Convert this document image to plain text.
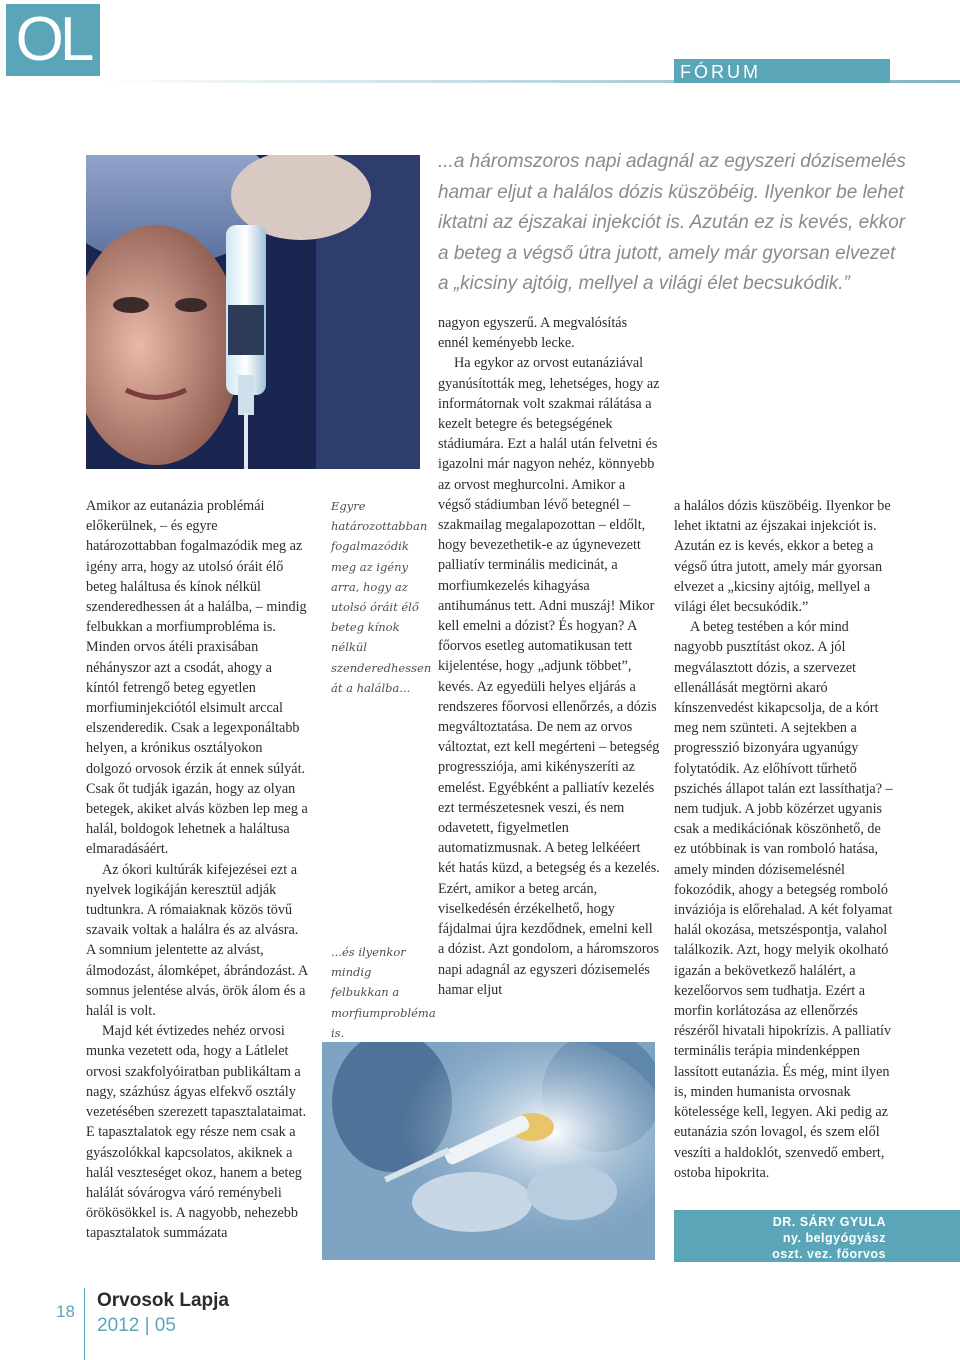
OL	FÓRUM
...a háromszoros napi adagnál az egyszeri dózisemelés hamar eljut a halálos dózis küszöbéig. Ilyenkor be lehet iktatni az éjszakai injekciót is. Azután ez is kevés, ekkor a beteg a végső útra jutott, amely már gyorsan elvezet a „kicsiny ajtóig, mellyel a világi élet becsukódik.”

Amikor az eutanázia problémái előkerülnek, – és egyre határozottabban fogalmazódik meg az igény arra, hogy az utolsó óráit élő beteg haláltusa és kínok nélkül szenderedhessen át a halálba, – mindig felbukkan a morfiumprobléma is. Minden orvos átéli praxisában néhányszor azt a csodát, ahogy a kíntól fetrengő beteg egyetlen morfiuminjekciótól elsimult arccal elszenderedik. Csak a legexponáltabb helyen, a krónikus osztályokon dolgozó orvosok érzik át ennek súlyát. Csak őt tudják igazán, hogy az olyan betegek, akiket alvás közben lep meg a halál, boldogok lehetnek a haláltusa elmaradásáért.

Az ókori kultúrák kifejezései ezt a nyelvek logikáján keresztül adják tudtunkra. A rómaiaknak közös tövű szavaik voltak a halálra és az alvásra. A somnium jelentette az alvást, álmodozást, álomképet, ábrándozást. A somnus jelentése alvás, örök álom és a halál is volt.

Majd két évtizedes nehéz orvosi munka vezetett oda, hogy a Látlelet orvosi szakfolyóiratban publikáltam a nagy, százhúsz ágyas elfekvő osztály vezetésében szerezett tapasztalataimat. E tapasztalatok egy része nem csak a gyászolókkal kapcsolatos, akiknek a halál veszteséget okoz, hanem a beteg halálát sóvárogva váró reménybeli örökösökkel is. A nagyobb, nehezebb tapasztalatok summázata

Egyre határozottabban fogalmazódik meg az igény arra, hogy az utolsó óráit élő beteg kínok nélkül szenderedhessen át a halálba...
...és ilyenkor mindig felbukkan a morfiumprobléma is.

nagyon egyszerű. A megvalósítás ennél keményebb lecke.

Ha egykor az orvost eutanáziával gyanúsították meg, lehetséges, hogy az informátornak volt szakmai rálátása a kezelt betegre és betegségének stádiumára. Ezt a halál után felvetni és igazolni már nagyon nehéz, könnyebb az orvost meghurcolni. Amikor a végső stádiumban lévő betegnél – szakmailag megalapozottan – eldőlt, hogy bevezethetik-e az úgynevezett palliatív terminális medicinát, a morfiumkezelés kihagyása antihumánus tett. Adni muszáj! Mikor kell emelni a dózist? És hogyan? A főorvos esetleg automatikusan tett kijelentése, hogy „adjunk többet”, kevés. Az egyedüli helyes eljárás a rendszeres főorvosi ellenőrzés, a dózis megváltoztatása. De nem az orvos változtat, ezt kell megérteni – betegség progressziója, ami kikényszeríti az emelést. Egyébként a palliatív kezelés ezt természetesnek veszi, és nem odavetett, figyelmetlen automatizmusnak. A beteg lelkééert két hatás küzd, a betegség és a kezelés. Ezért, amikor a beteg arcán, viselkedésén érzékelhető, hogy fájdalmai újra kezdődnek, emelni kell a dózist. Azt gondolom, a háromszoros napi adagnál az egyszeri dózisemelés hamar eljut

a halálos dózis küszöbéig. Ilyenkor be lehet iktatni az éjszakai injekciót is. Azután ez is kevés, ekkor a beteg a végső útra jutott, amely már gyorsan elvezet a „kicsiny ajtóig, mellyel a világi élet becsukódik.”

A beteg testében a kór mind nagyobb pusztítást okoz. A jól megválasztott dózis, a szervezet ellenállását megtörni akaró kínszenvedést kikapcsolja, de a kórt meg nem szünteti. A sejtekben a progresszió bizonyára ugyanúgy folytatódik. Az előhívott tűrhető pszichés állapot talán ezt lassíthatja? – nem tudjuk. A jobb közérzet ugyanis csak a medikációnak köszönhető, de ez utóbbinak is van romboló hatása, amely minden dózisemelésnél fokozódik, ahogy a betegség romboló inváziója is előrehalad. A két folyamat halál okozása, metszéspontja, valahol találkozik. Azt, hogy melyik okolható igazán a bekövetkező halálért, a kezelőorvos sem tudhatja. Ezért a morfin korlátozása az ellenőrzés részéről hivatali hipokrízis. A palliatív terminális terápia mindenképpen lassított eutanázia. És még, mint ilyen is, minden humanista orvosnak kötelessége kell, legyen. Aki pedig az eutanázia szón lovagol, és szem elől veszíti a haldoklót, szenvedő embert, ostoba hipokrita.

DR. SÁRY GYULA
ny. belgyógyász
oszt. vez. főorvos
18
Orvosok Lapja
2012 | 05
